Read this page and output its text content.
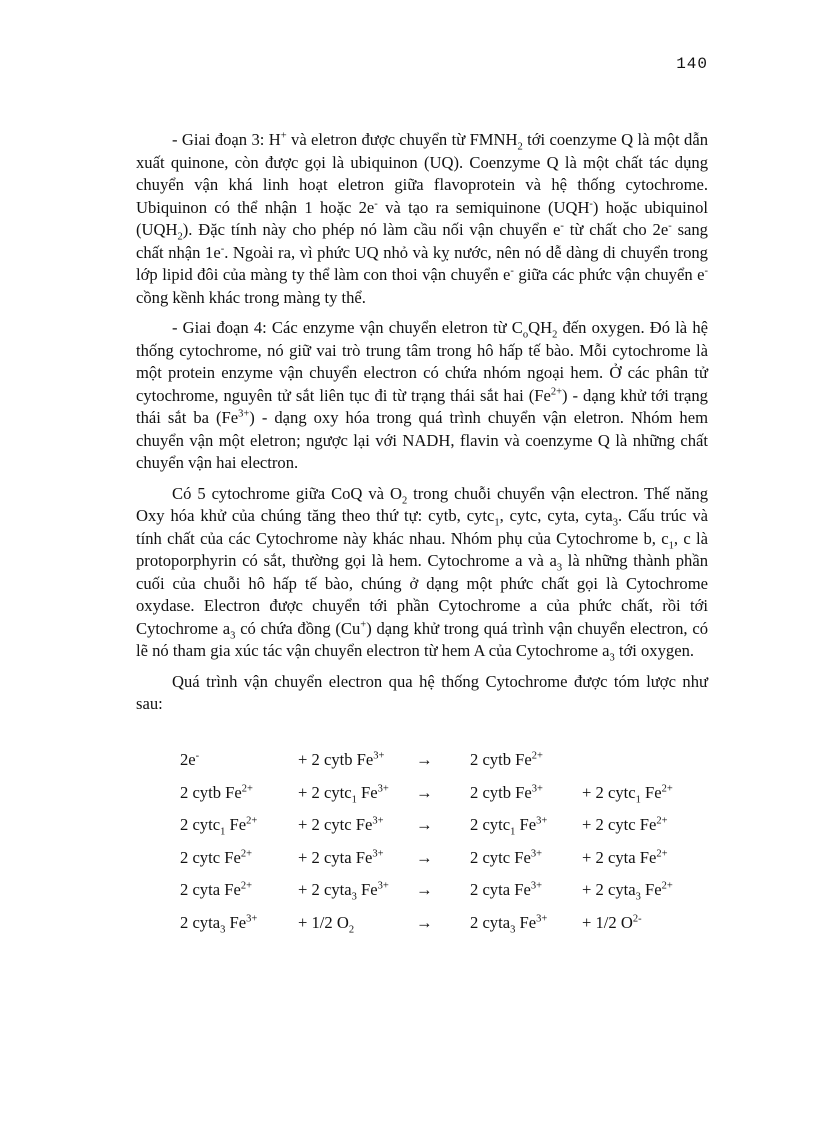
140

- Giai đoạn 3: H+ và eletron được chuyển từ $FMNH_2$ tới coenzyme Q là một dẫn xuất quinone, còn được gọi là ubiquinon (UQ). Coenzyme Q là một chất tác dụng chuyển vận khá linh hoạt eletron giữa flavoprotein và hệ thống cytochrome. Ubiquinon có thể nhận 1 hoặc 2e- và tạo ra semiquinone (UQH-) hoặc ubiquinol $(UQH_2)$. Đặc tính này cho phép nó làm cầu nối vận chuyển e- từ chất cho 2e- sang chất nhận 1e-. Ngoài ra, vì phức UQ nhỏ và kỵ nước, nên nó dễ dàng di chuyển trong lớp lipid đôi của màng ty thể làm con thoi vận chuyển e- giữa các phức vận chuyển e- cồng kềnh khác trong màng ty thể.

- Giai đoạn 4: Các enzyme vận chuyển eletron từ $C_oQH_2$ đến oxygen. Đó là hệ thống cytochrome, nó giữ vai trò trung tâm trong hô hấp tế bào. Mỗi cytochrome là một protein enzyme vận chuyển electron có chứa nhóm ngoại hem. Ở các phân tử cytochrome, nguyên tử sắt liên tục đi từ trạng thái sắt hai $(Fe^{2+})$ - dạng khử tới trạng thái sắt ba $(Fe^{3+})$ - dạng oxy hóa trong quá trình chuyển vận eletron. Nhóm hem chuyển vận một eletron; ngược lại với NADH, flavin và coenzyme Q là những chất chuyển vận hai electron.

Có 5 cytochrome giữa CoQ và $O_2$ trong chuỗi chuyển vận electron. Thế năng Oxy hóa khử của chúng tăng theo thứ tự: cytb, cytc$_1$, cytc, cyta, cyta$_3$. Cấu trúc và tính chất của các Cytochrome này khác nhau. Nhóm phụ của Cytochrome b, $c_1$, c là protoporphyrin có sắt, thường gọi là hem. Cytochrome a và $a_3$ là những thành phần cuối của chuỗi hô hấp tế bào, chúng ở dạng một phức chất gọi là Cytochrome oxydase. Electron được chuyển tới phần Cytochrome a của phức chất, rồi tới Cytochrome $a_3$ có chứa đồng (Cu+) dạng khử trong quá trình vận chuyển electron, có lẽ nó tham gia xúc tác vận chuyển electron từ hem A của Cytochrome $a_3$ tới oxygen.

Quá trình vận chuyển electron qua hệ thống Cytochrome được tóm lược như sau:

2e-	+ 2 cytb $Fe^{3+}$	→	2 cytb $Fe^{2+}$
2 cytb $Fe^{2+}$	+ 2 cytc$_1$ $Fe^{3+}$	→	2 cytb $Fe^{3+}$	+ 2 cytc$_1$ $Fe^{2+}$
2 cytc$_1$ $Fe^{2+}$	+ 2 cytc $Fe^{3+}$	→	2 cytc$_1$ $Fe^{3+}$	+ 2 cytc $Fe^{2+}$
2 cytc $Fe^{2+}$	+ 2 cyta $Fe^{3+}$	→	2 cytc $Fe^{3+}$	+ 2 cyta $Fe^{2+}$
2 cyta $Fe^{2+}$	+ 2 cyta$_3$ $Fe^{3+}$	→	2 cyta $Fe^{3+}$	+ 2 cyta$_3$ $Fe^{2+}$
2 cyta$_3$ $Fe^{3+}$	+ 1/2 $O_2$	→	2 cyta$_3$ $Fe^{3+}$	+ 1/2 $O^{2-}$
